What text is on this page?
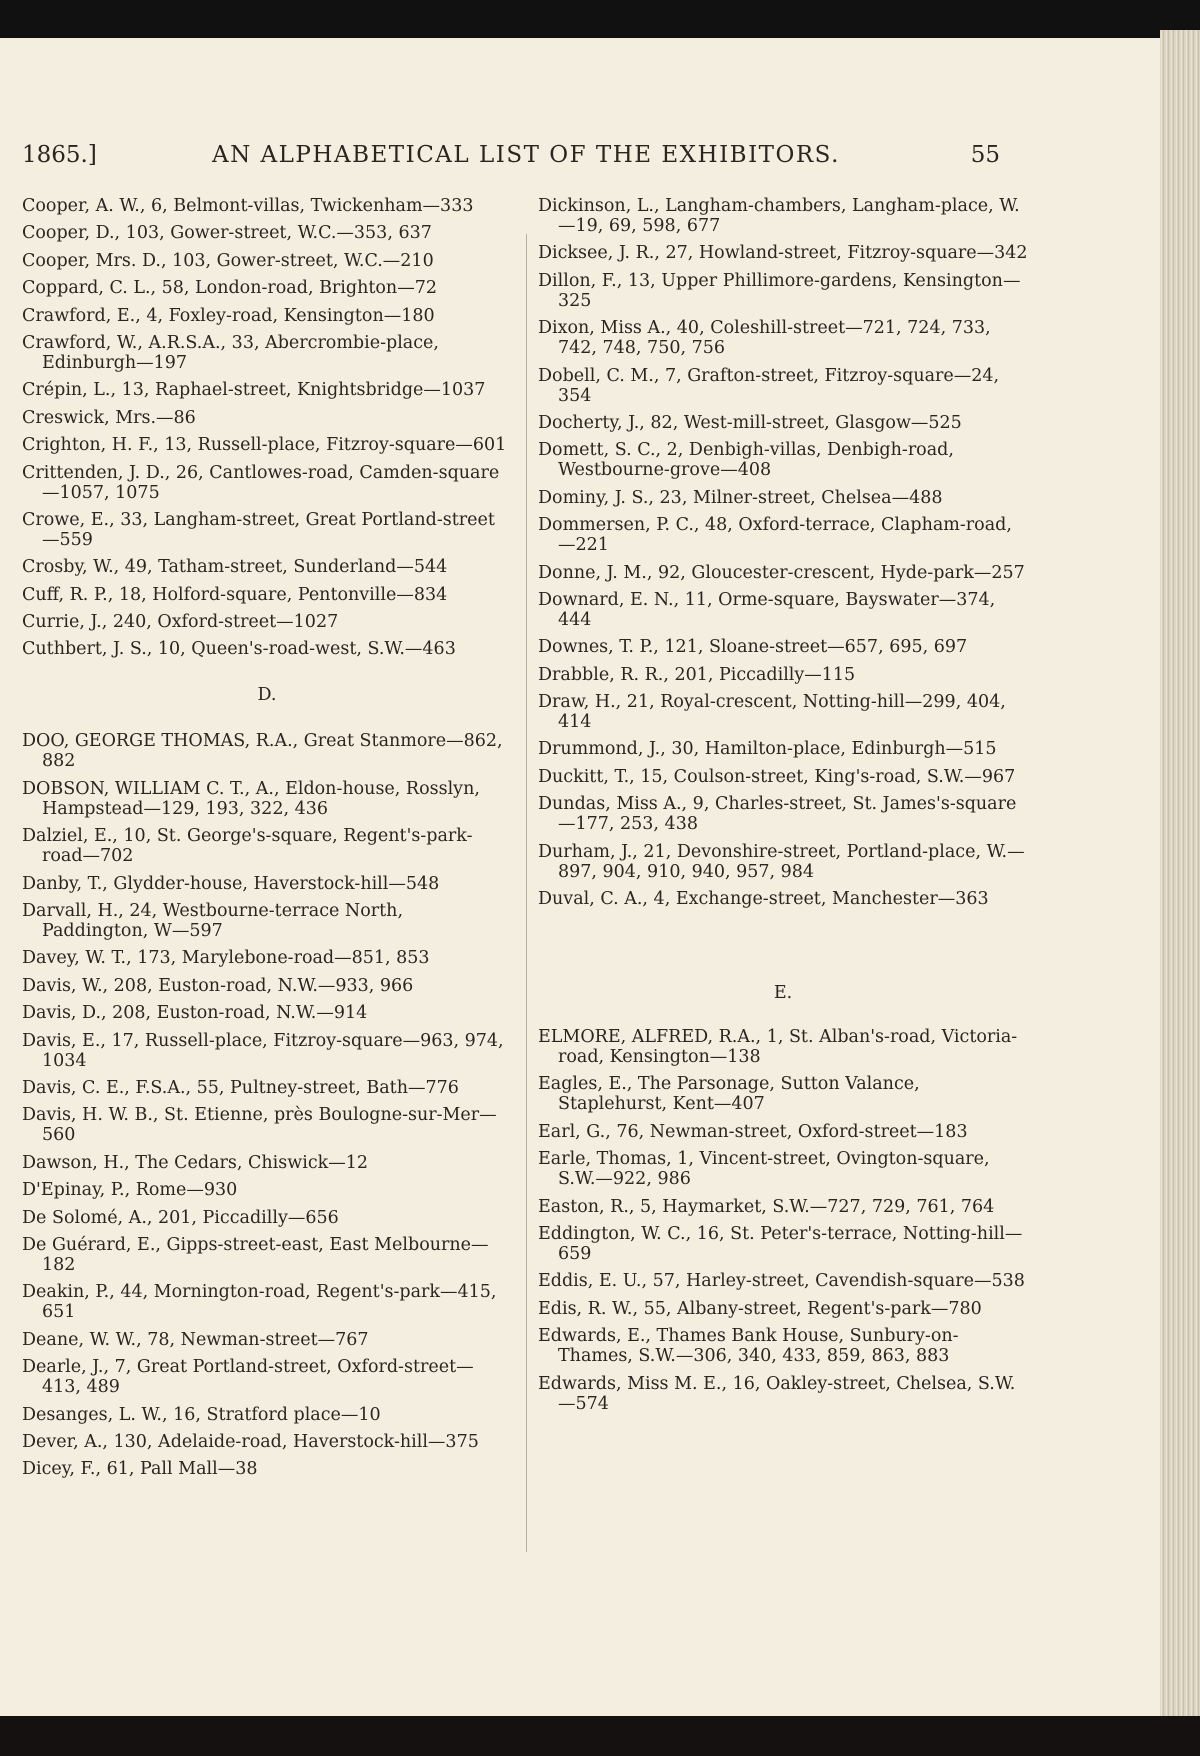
1865.]	AN ALPHABETICAL LIST OF THE EXHIBITORS.	55
Cooper, A. W., 6, Belmont-villas, Twickenham—333
Cooper, D., 103, Gower-street, W.C.—353, 637
Cooper, Mrs. D., 103, Gower-street, W.C.—210
Coppard, C. L., 58, London-road, Brighton—72
Crawford, E., 4, Foxley-road, Kensington—180
Crawford, W., A.R.S.A., 33, Abercrombie-place, Edinburgh—197
Crépin, L., 13, Raphael-street, Knightsbridge—1037
Creswick, Mrs.—86
Crighton, H. F., 13, Russell-place, Fitzroy-square—601
Crittenden, J. D., 26, Cantlowes-road, Camden-square—1057, 1075
Crowe, E., 33, Langham-street, Great Portland-street—559
Crosby, W., 49, Tatham-street, Sunderland—544
Cuff, R. P., 18, Holford-square, Pentonville—834
Currie, J., 240, Oxford-street—1027
Cuthbert, J. S., 10, Queen's-road-west, S.W.—463
D.
DOO, GEORGE THOMAS, R.A., Great Stanmore—862, 882
DOBSON, WILLIAM C. T., A., Eldon-house, Rosslyn, Hampstead—129, 193, 322, 436
Dalziel, E., 10, St. George's-square, Regent's-park-road—702
Danby, T., Glydder-house, Haverstock-hill—548
Darvall, H., 24, Westbourne-terrace North, Paddington, W—597
Davey, W. T., 173, Marylebone-road—851, 853
Davis, W., 208, Euston-road, N.W.—933, 966
Davis, D., 208, Euston-road, N.W.—914
Davis, E., 17, Russell-place, Fitzroy-square—963, 974, 1034
Davis, C. E., F.S.A., 55, Pultney-street, Bath—776
Davis, H. W. B., St. Etienne, près Boulogne-sur-Mer—560
Dawson, H., The Cedars, Chiswick—12
D'Epinay, P., Rome—930
De Solomé, A., 201, Piccadilly—656
De Guérard, E., Gipps-street-east, East Melbourne—182
Deakin, P., 44, Mornington-road, Regent's-park—415, 651
Deane, W. W., 78, Newman-street—767
Dearle, J., 7, Great Portland-street, Oxford-street—413, 489
Desanges, L. W., 16, Stratford place—10
Dever, A., 130, Adelaide-road, Haverstock-hill—375
Dicey, F., 61, Pall Mall—38
Dickinson, L., Langham-chambers, Langham-place, W.—19, 69, 598, 677
Dicksee, J. R., 27, Howland-street, Fitzroy-square—342
Dillon, F., 13, Upper Phillimore-gardens, Kensington—325
Dixon, Miss A., 40, Coleshill-street—721, 724, 733, 742, 748, 750, 756
Dobell, C. M., 7, Grafton-street, Fitzroy-square—24, 354
Docherty, J., 82, West-mill-street, Glasgow—525
Domett, S. C., 2, Denbigh-villas, Denbigh-road, Westbourne-grove—408
Dominy, J. S., 23, Milner-street, Chelsea—488
Dommersen, P. C., 48, Oxford-terrace, Clapham-road, —221
Donne, J. M., 92, Gloucester-crescent, Hyde-park—257
Downard, E. N., 11, Orme-square, Bayswater—374, 444
Downes, T. P., 121, Sloane-street—657, 695, 697
Drabble, R. R., 201, Piccadilly—115
Draw, H., 21, Royal-crescent, Notting-hill—299, 404, 414
Drummond, J., 30, Hamilton-place, Edinburgh—515
Duckitt, T., 15, Coulson-street, King's-road, S.W.—967
Dundas, Miss A., 9, Charles-street, St. James's-square—177, 253, 438
Durham, J., 21, Devonshire-street, Portland-place, W.—897, 904, 910, 940, 957, 984
Duval, C. A., 4, Exchange-street, Manchester—363
E.
ELMORE, ALFRED, R.A., 1, St. Alban's-road, Victoria-road, Kensington—138
Eagles, E., The Parsonage, Sutton Valance, Staplehurst, Kent—407
Earl, G., 76, Newman-street, Oxford-street—183
Earle, Thomas, 1, Vincent-street, Ovington-square, S.W.—922, 986
Easton, R., 5, Haymarket, S.W.—727, 729, 761, 764
Eddington, W. C., 16, St. Peter's-terrace, Notting-hill—659
Eddis, E. U., 57, Harley-street, Cavendish-square—538
Edis, R. W., 55, Albany-street, Regent's-park—780
Edwards, E., Thames Bank House, Sunbury-on-Thames, S.W.—306, 340, 433, 859, 863, 883
Edwards, Miss M. E., 16, Oakley-street, Chelsea, S.W.—574
